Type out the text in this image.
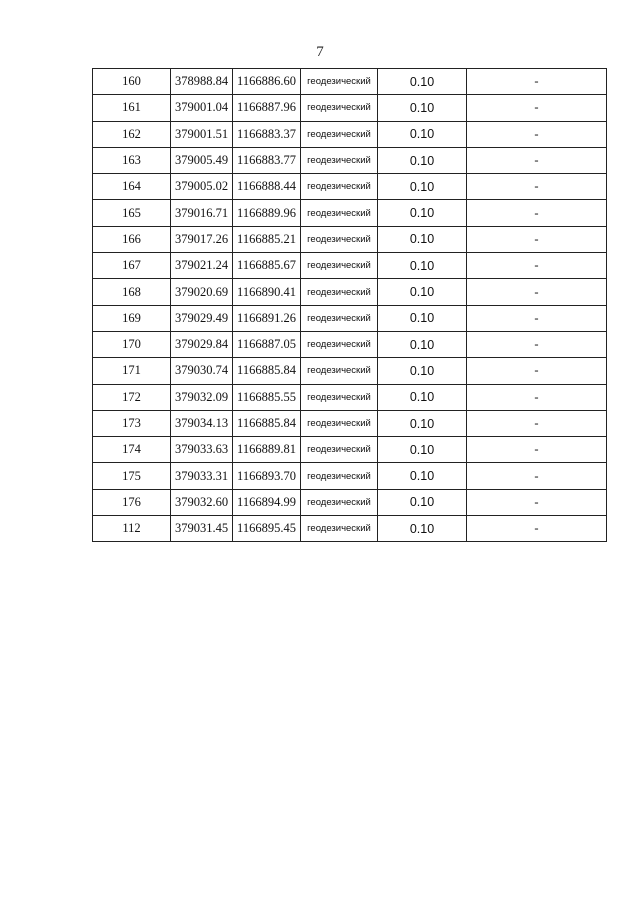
7
160	378988.84	1166886.60	геодезический	0.10	-
161	379001.04	1166887.96	геодезический	0.10	-
162	379001.51	1166883.37	геодезический	0.10	-
163	379005.49	1166883.77	геодезический	0.10	-
164	379005.02	1166888.44	геодезический	0.10	-
165	379016.71	1166889.96	геодезический	0.10	-
166	379017.26	1166885.21	геодезический	0.10	-
167	379021.24	1166885.67	геодезический	0.10	-
168	379020.69	1166890.41	геодезический	0.10	-
169	379029.49	1166891.26	геодезический	0.10	-
170	379029.84	1166887.05	геодезический	0.10	-
171	379030.74	1166885.84	геодезический	0.10	-
172	379032.09	1166885.55	геодезический	0.10	-
173	379034.13	1166885.84	геодезический	0.10	-
174	379033.63	1166889.81	геодезический	0.10	-
175	379033.31	1166893.70	геодезический	0.10	-
176	379032.60	1166894.99	геодезический	0.10	-
112	379031.45	1166895.45	геодезический	0.10	-
